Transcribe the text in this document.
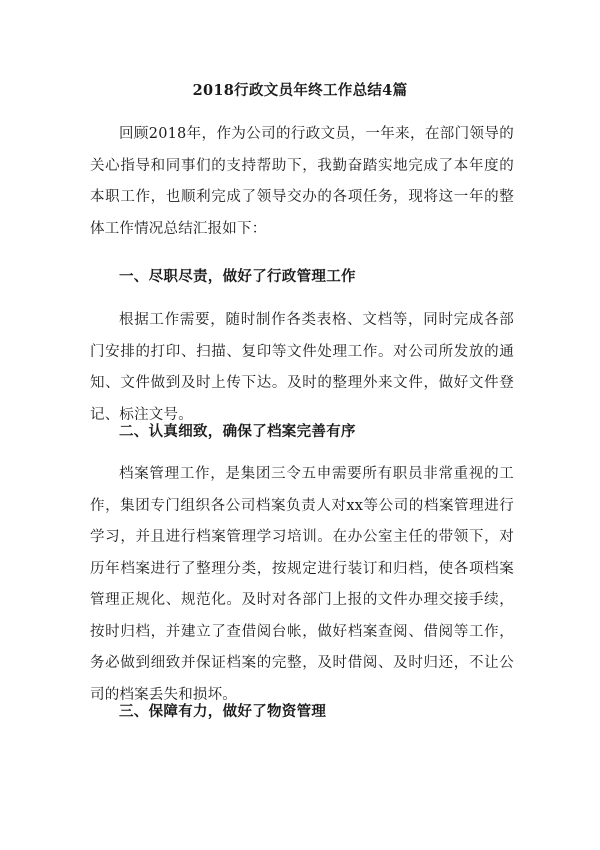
2018行政文员年终工作总结4篇

回顾2018年，作为公司的行政文员，一年来，在部门领导的关心指导和同事们的支持帮助下，我勤奋踏实地完成了本年度的本职工作，也顺利完成了领导交办的各项任务，现将这一年的整体工作情况总结汇报如下：

一、尽职尽责，做好了行政管理工作

根据工作需要，随时制作各类表格、文档等，同时完成各部门安排的打印、扫描、复印等文件处理工作。对公司所发放的通知、文件做到及时上传下达。及时的整理外来文件，做好文件登记、标注文号。

二、认真细致，确保了档案完善有序

档案管理工作，是集团三令五申需要所有职员非常重视的工作，集团专门组织各公司档案负责人对xx等公司的档案管理进行学习，并且进行档案管理学习培训。在办公室主任的带领下，对历年档案进行了整理分类，按规定进行装订和归档，使各项档案管理正规化、规范化。及时对各部门上报的文件办理交接手续，按时归档，并建立了查借阅台帐，做好档案查阅、借阅等工作，务必做到细致并保证档案的完整，及时借阅、及时归还，不让公司的档案丢失和损坏。

三、保障有力，做好了物资管理
